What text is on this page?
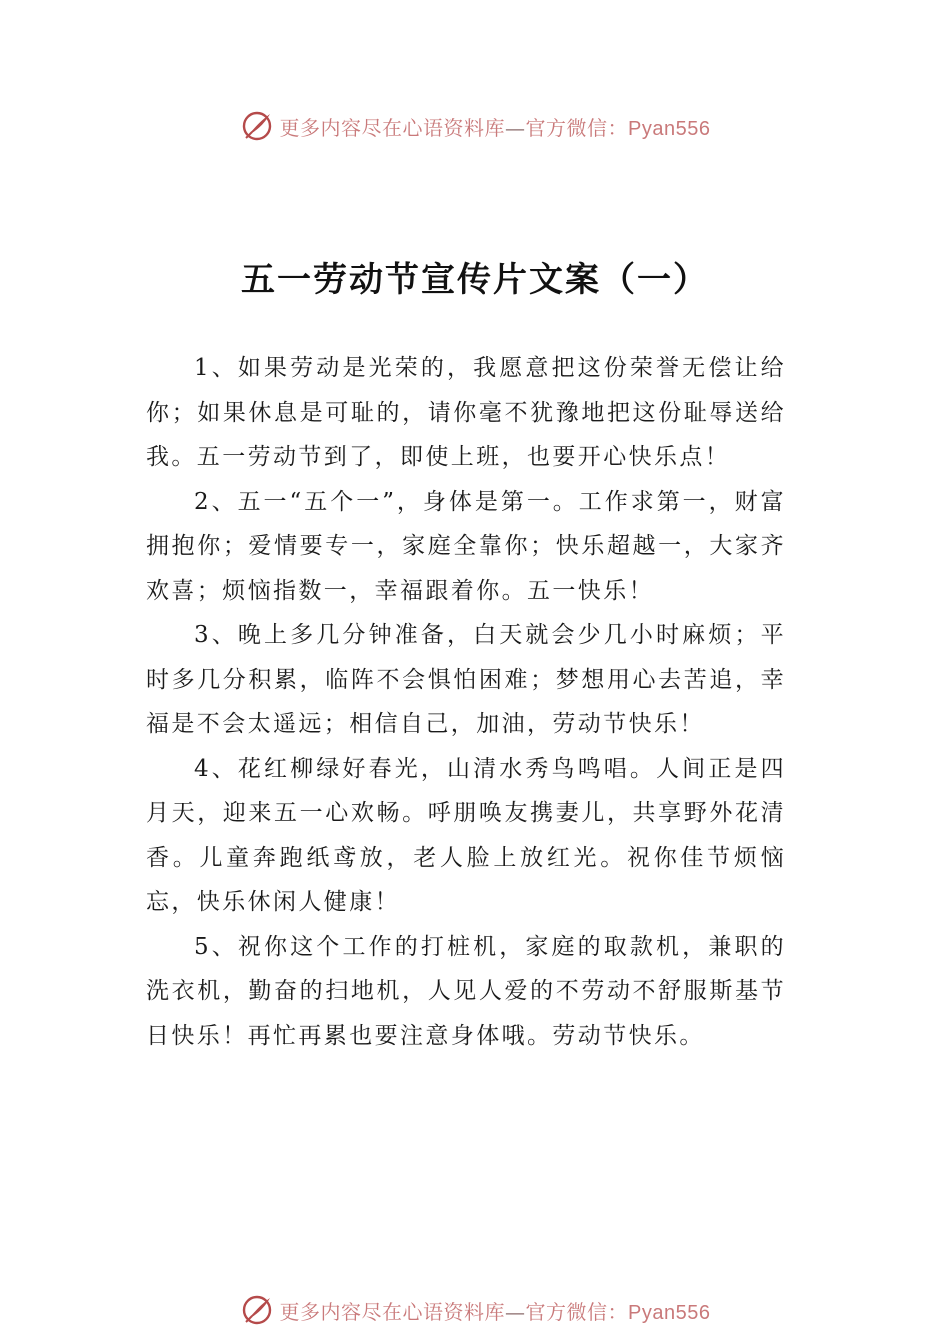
更多内容尽在心语资料库—官方微信：Pyan556
五一劳动节宣传片文案（一）

1、如果劳动是光荣的，我愿意把这份荣誉无偿让给你；如果休息是可耻的，请你毫不犹豫地把这份耻辱送给我。五一劳动节到了，即使上班，也要开心快乐点！

2、五一“五个一”，身体是第一。工作求第一，财富拥抱你；爱情要专一，家庭全靠你；快乐超越一，大家齐欢喜；烦恼指数一，幸福跟着你。五一快乐！

3、晚上多几分钟准备，白天就会少几小时麻烦；平时多几分积累，临阵不会惧怕困难；梦想用心去苦追，幸福是不会太遥远；相信自己，加油，劳动节快乐！

4、花红柳绿好春光，山清水秀鸟鸣唱。人间正是四月天，迎来五一心欢畅。呼朋唤友携妻儿，共享野外花清香。儿童奔跑纸鸢放，老人脸上放红光。祝你佳节烦恼忘，快乐休闲人健康！

5、祝你这个工作的打桩机，家庭的取款机，兼职的洗衣机，勤奋的扫地机，人见人爱的不劳动不舒服斯基节日快乐！再忙再累也要注意身体哦。劳动节快乐。

更多内容尽在心语资料库—官方微信：Pyan556
